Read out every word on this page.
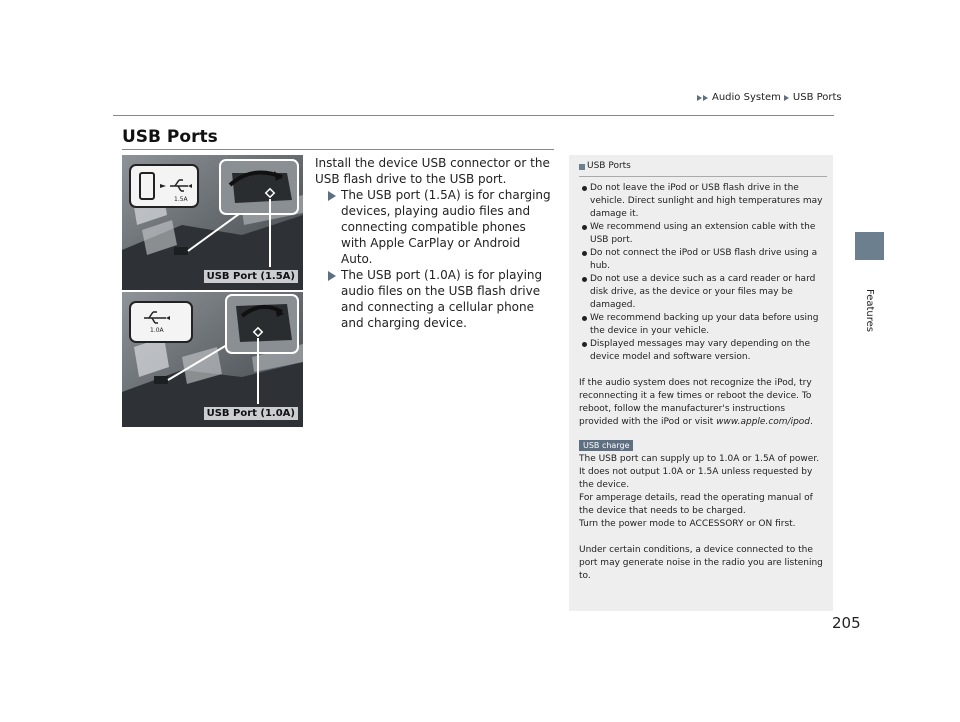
Audio System USB Ports
Features
USB Ports
1.5A
USB Port (1.5A)
1.0A
USB Port (1.0A)

Install the device USB connector or the USB flash drive to the USB port.

The USB port (1.5A) is for charging devices, playing audio files and connecting compatible phones with Apple CarPlay or Android Auto.
The USB port (1.0A) is for playing audio files on the USB flash drive and connecting a cellular phone and charging device.
USB Ports
Do not leave the iPod or USB flash drive in the vehicle. Direct sunlight and high temperatures may damage it.
We recommend using an extension cable with the USB port.
Do not connect the iPod or USB flash drive using a hub.
Do not use a device such as a card reader or hard disk drive, as the device or your files may be damaged.
We recommend backing up your data before using the device in your vehicle.
Displayed messages may vary depending on the device model and software version.

If the audio system does not recognize the iPod, try reconnecting it a few times or reboot the device. To reboot, follow the manufacturer's instructions provided with the iPod or visit www.apple.com/ipod.

USB charge

The USB port can supply up to 1.0A or 1.5A of power. It does not output 1.0A or 1.5A unless requested by the device.

For amperage details, read the operating manual of the device that needs to be charged.

Turn the power mode to ACCESSORY or ON first.

Under certain conditions, a device connected to the port may generate noise in the radio you are listening to.

205
